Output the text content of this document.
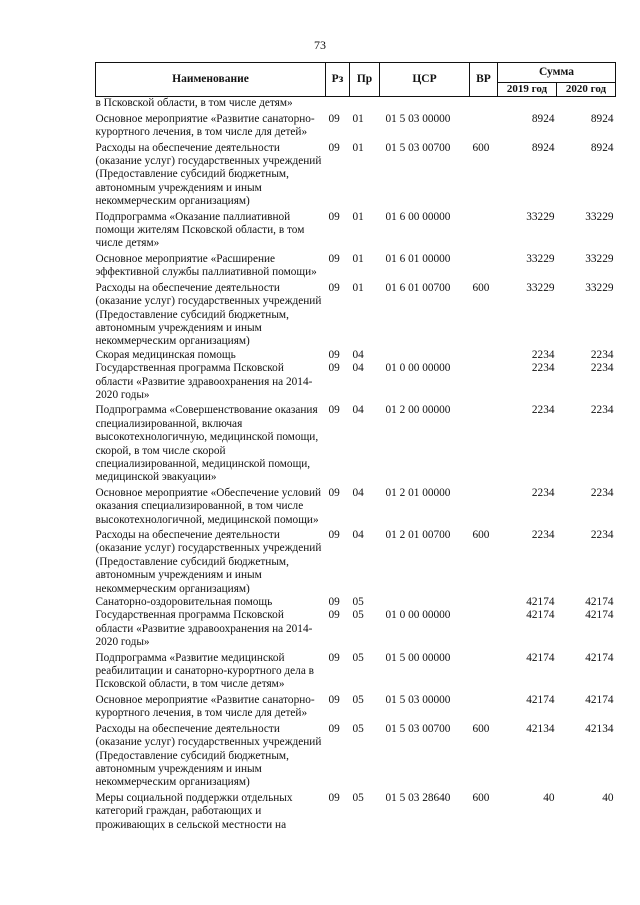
73
Наименование	Рз	Пр	ЦСР	ВР	Сумма	
					2019 год	2020 год
в Псковской области, в том числе детям»						
Основное мероприятие «Развитие санаторно-курортного лечения, в том числе для детей»	09	01	01 5 03 00000		8924	8924
Расходы на обеспечение деятельности (оказание услуг) государственных учреждений (Предоставление субсидий бюджетным, автономным учреждениям и иным некоммерческим организациям)	09	01	01 5 03 00700	600	8924	8924
Подпрограмма «Оказание паллиативной помощи жителям Псковской области, в том числе детям»	09	01	01 6 00 00000		33229	33229
Основное мероприятие «Расширение эффективной службы паллиативной помощи»	09	01	01 6 01 00000		33229	33229
Расходы на обеспечение деятельности (оказание услуг) государственных учреждений (Предоставление субсидий бюджетным, автономным учреждениям и иным некоммерческим организациям)	09	01	01 6 01 00700	600	33229	33229
Скорая медицинская помощь	09	04			2234	2234
Государственная программа Псковской области «Развитие здравоохранения на 2014-2020 годы»	09	04	01 0 00 00000		2234	2234
Подпрограмма «Совершенствование оказания специализированной, включая высокотехнологичную, медицинской помощи, скорой, в том числе скорой специализированной, медицинской помощи, медицинской эвакуации»	09	04	01 2 00 00000		2234	2234
Основное мероприятие «Обеспечение условий оказания специализированной, в том числе высокотехнологичной, медицинской помощи»	09	04	01 2 01 00000		2234	2234
Расходы на обеспечение деятельности (оказание услуг) государственных учреждений (Предоставление субсидий бюджетным, автономным учреждениям и иным некоммерческим организациям)	09	04	01 2 01 00700	600	2234	2234
Санаторно-оздоровительная помощь	09	05			42174	42174
Государственная программа Псковской области «Развитие здравоохранения на 2014-2020 годы»	09	05	01 0 00 00000		42174	42174
Подпрограмма «Развитие медицинской реабилитации и санаторно-курортного дела в Псковской области, в том числе детям»	09	05	01 5 00 00000		42174	42174
Основное мероприятие «Развитие санаторно-курортного лечения, в том числе для детей»	09	05	01 5 03 00000		42174	42174
Расходы на обеспечение деятельности (оказание услуг) государственных учреждений (Предоставление субсидий бюджетным, автономным учреждениям и иным некоммерческим организациям)	09	05	01 5 03 00700	600	42134	42134
Меры социальной поддержки отдельных категорий граждан, работающих и проживающих в сельской местности на	09	05	01 5 03 28640	600	40	40
